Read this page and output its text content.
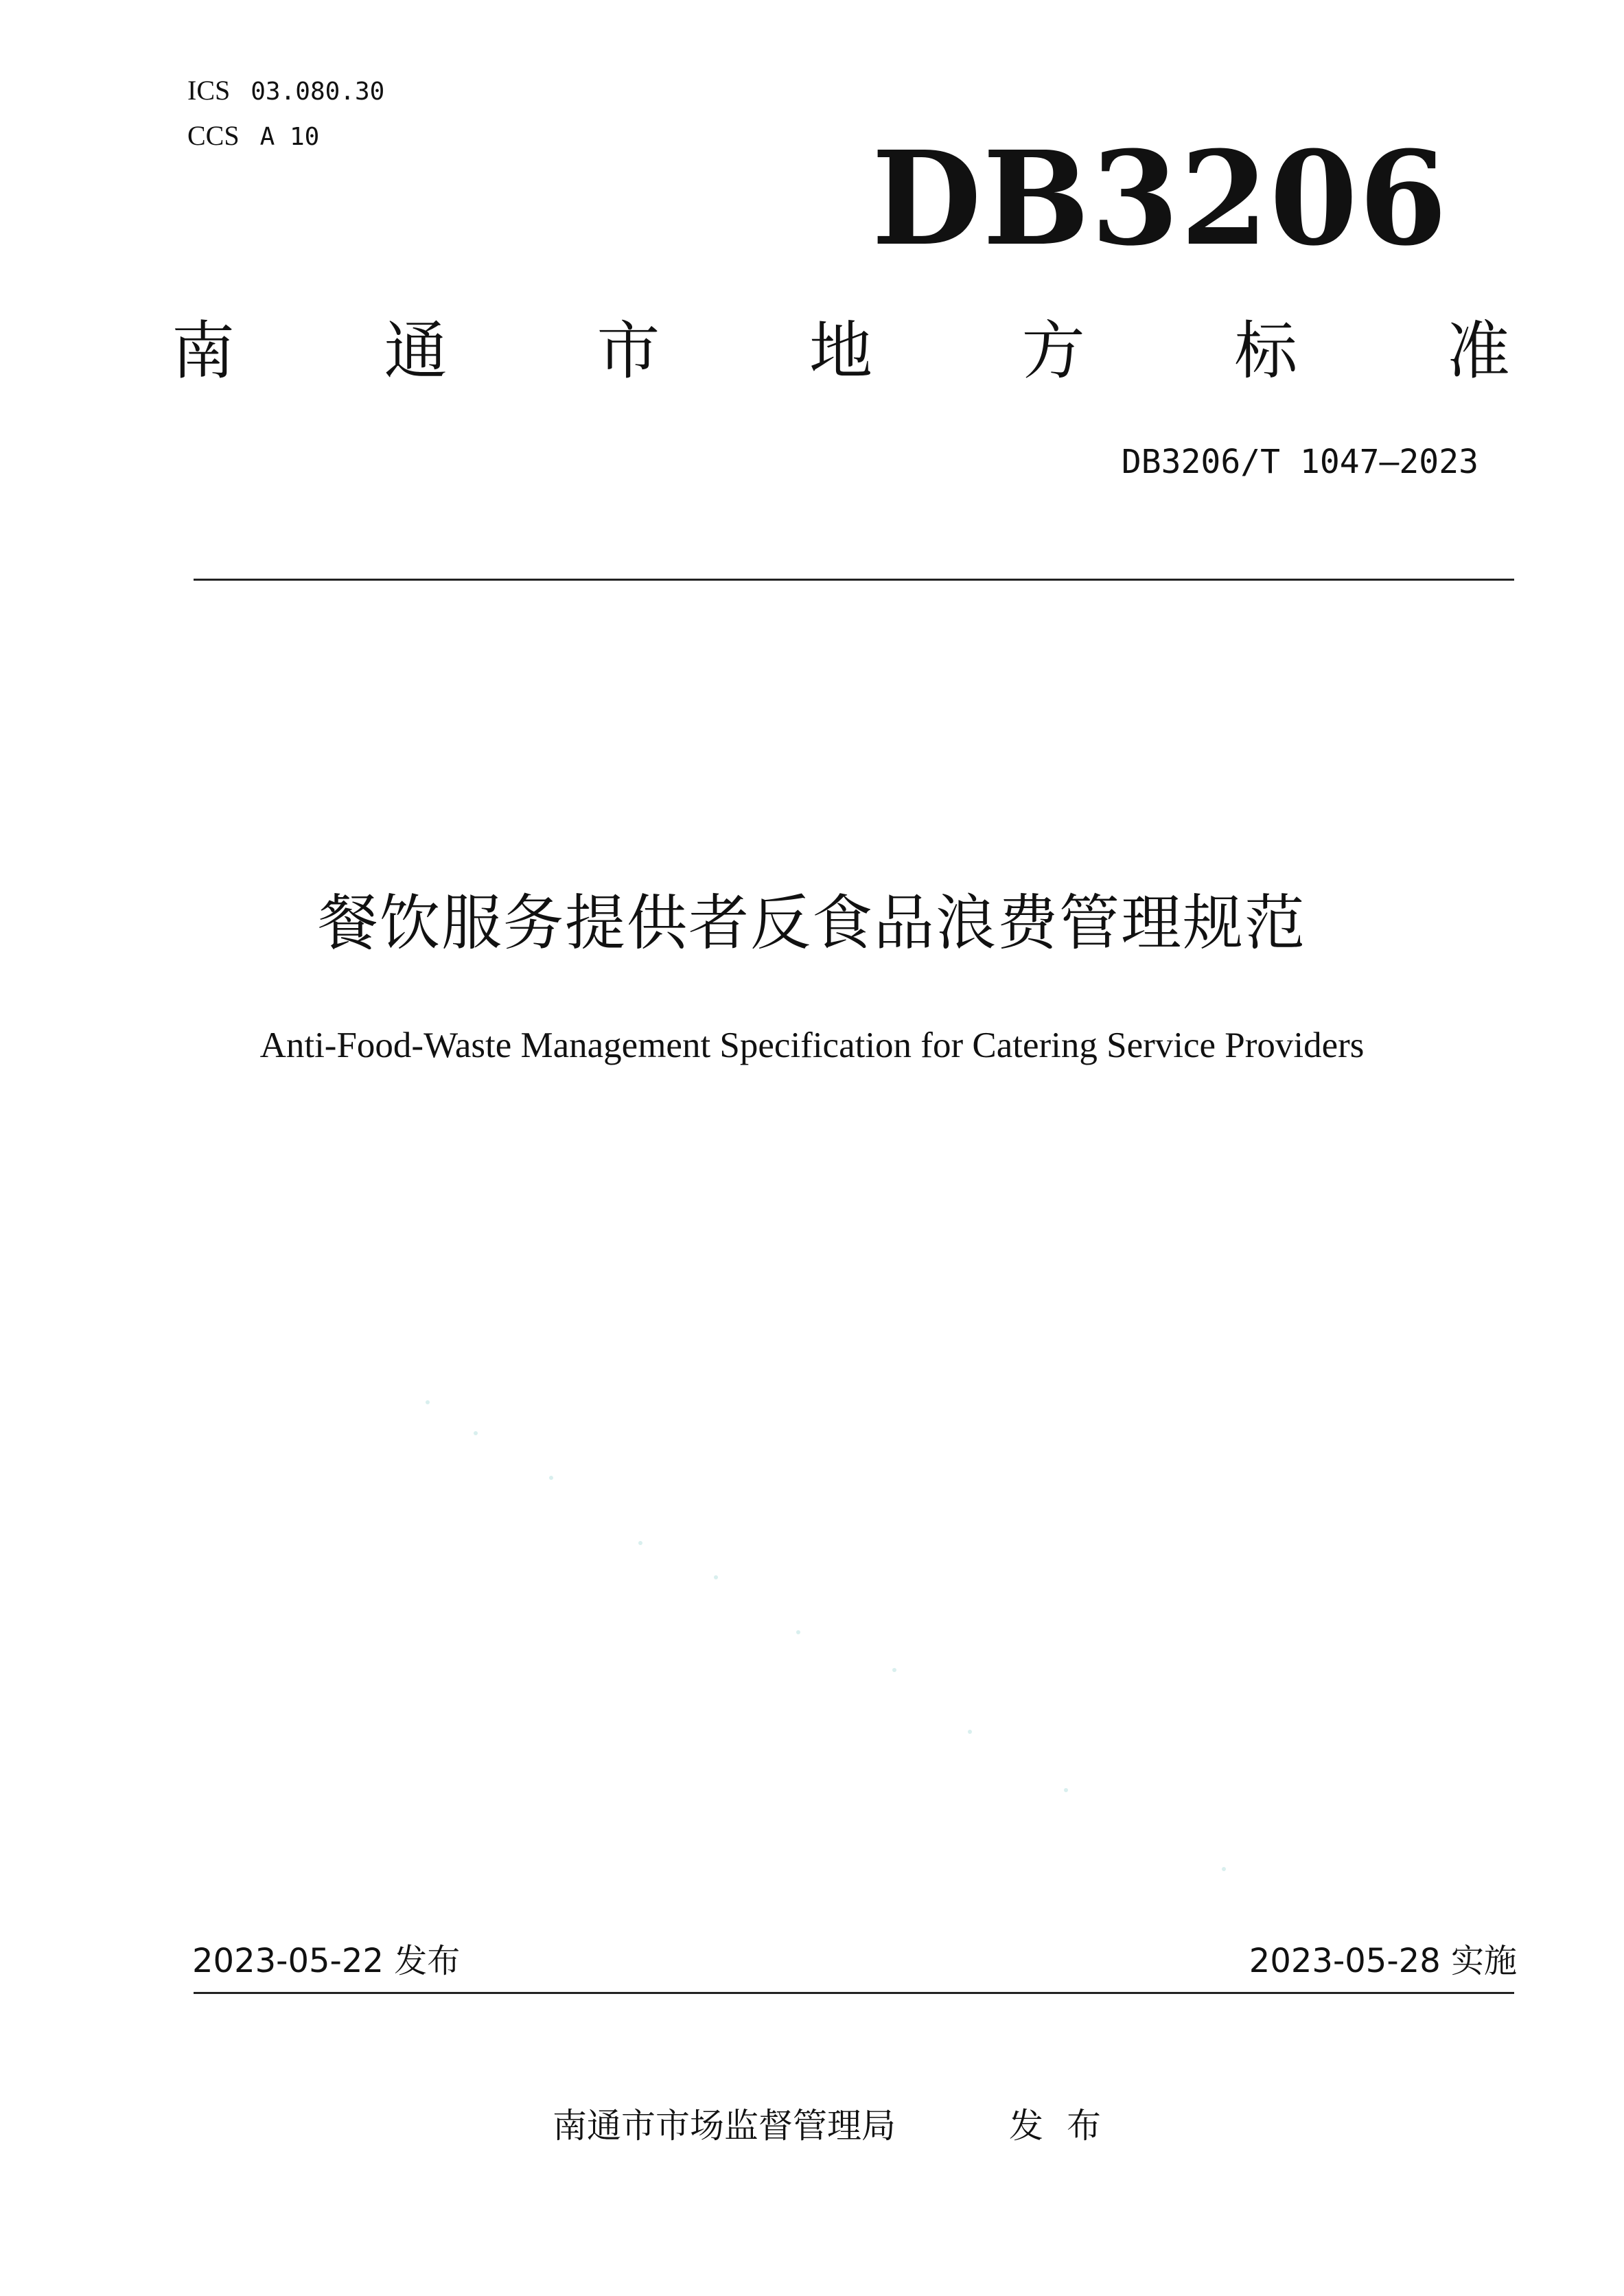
ICS 03.080.30
CCS A 10	DB3206
南 通 市 地 方 标 准
DB3206/T 1047—2023
餐饮服务提供者反食品浪费管理规范
Anti-Food-Waste Management Specification for Catering Service Providers
2023-05-22 发布	2023-05-28 实施
南通市市场监督管理局	发布
